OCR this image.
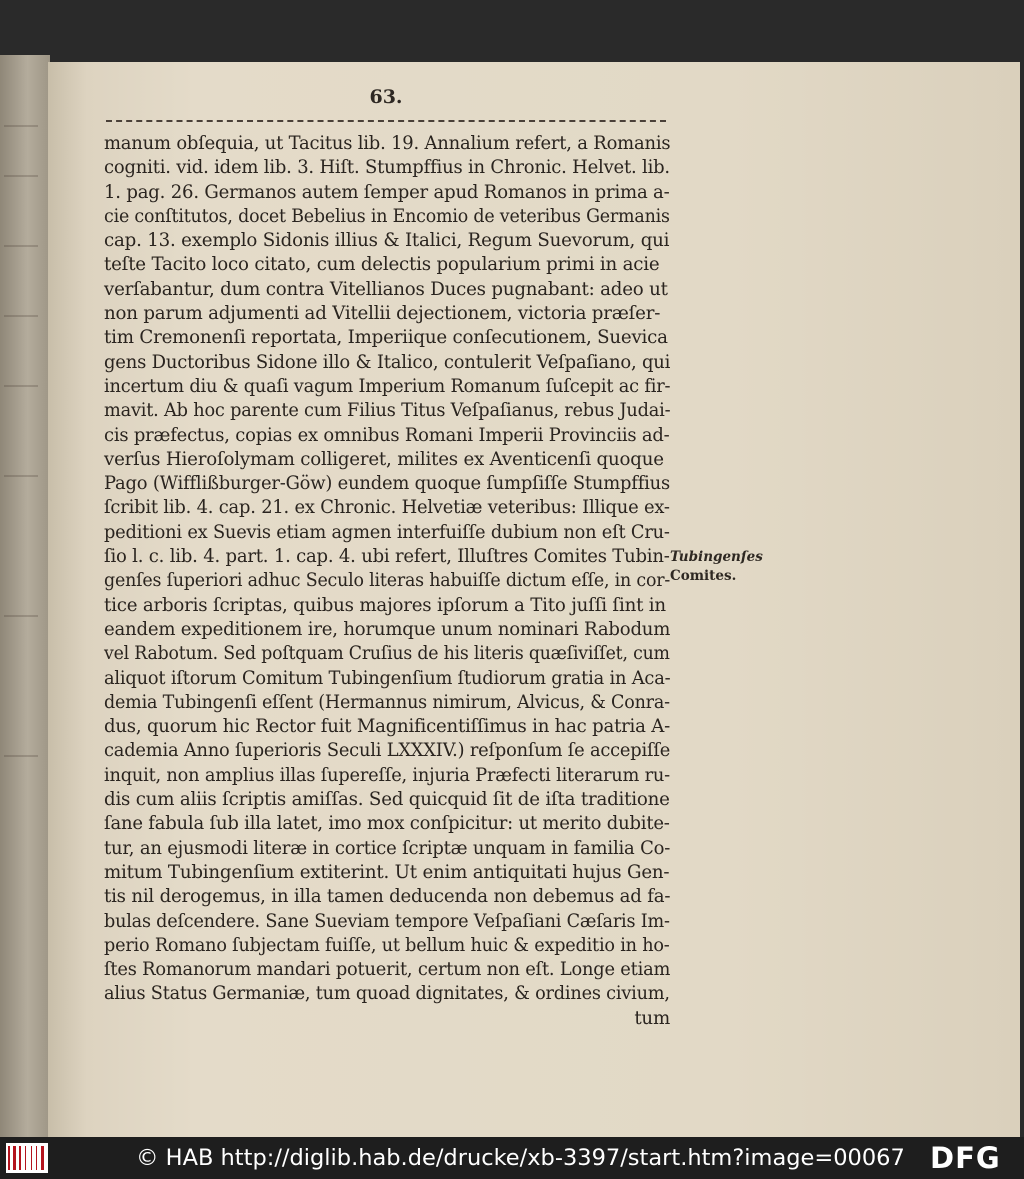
63.
manum obſequia, ut Tacitus lib. 19. Annalium refert, a Romanis
cogniti. vid. idem lib. 3. Hiſt. Stumpffius in Chronic. Helvet. lib.
1. pag. 26. Germanos autem ſemper apud Romanos in prima a-
cie conſtitutos, docet Bebelius in Encomio de veteribus Germanis
cap. 13. exemplo Sidonis illius & Italici, Regum Suevorum, qui
teſte Tacito loco citato, cum delectis popularium primi in acie
verſabantur, dum contra Vitellianos Duces pugnabant: adeo ut
non parum adjumenti ad Vitellii dejectionem, victoria præſer-
tim Cremonenſi reportata, Imperiique conſecutionem, Suevica
gens Ductoribus Sidone illo & Italico, contulerit Veſpaſiano, qui
incertum diu & quaſi vagum Imperium Romanum ſuſcepit ac fir-
mavit. Ab hoc parente cum Filius Titus Veſpaſianus, rebus Judai-
cis præfectus, copias ex omnibus Romani Imperii Provinciis ad-
verſus Hieroſolymam colligeret, milites ex Aventicenſi quoque
Pago (Wifflißburger-Göw) eundem quoque ſumpſiſſe Stumpffius
ſcribit lib. 4. cap. 21. ex Chronic. Helvetiæ veteribus: Illique ex-
peditioni ex Suevis etiam agmen interfuiſſe dubium non eſt Cru-
ſio l. c. lib. 4. part. 1. cap. 4. ubi refert, Illuſtres Comites Tubin-
genſes ſuperiori adhuc Seculo literas habuiſſe dictum eſſe, in cor-
tice arboris ſcriptas, quibus majores ipſorum a Tito juſſi ſint in
eandem expeditionem ire, horumque unum nominari Rabodum
vel Rabotum. Sed poſtquam Cruſius de his literis quæſiviſſet, cum
aliquot iſtorum Comitum Tubingenſium ſtudiorum gratia in Aca-
demia Tubingenſi eſſent (Hermannus nimirum, Alvicus, & Conra-
dus, quorum hic Rector fuit Magnificentiſſimus in hac patria A-
cademia Anno ſuperioris Seculi LXXXIV.) reſponſum ſe accepiſſe
inquit, non amplius illas ſupereſſe, injuria Præfecti literarum ru-
dis cum aliis ſcriptis amiſſas. Sed quicquid ſit de iſta traditione
ſane fabula ſub illa latet, imo mox conſpicitur: ut merito dubite-
tur, an ejusmodi literæ in cortice ſcriptæ unquam in familia Co-
mitum Tubingenſium extiterint. Ut enim antiquitati hujus Gen-
tis nil derogemus, in illa tamen deducenda non debemus ad fa-
bulas deſcendere. Sane Sueviam tempore Veſpaſiani Cæſaris Im-
perio Romano ſubjectam fuiſſe, ut bellum huic & expeditio in ho-
ſtes Romanorum mandari potuerit, certum non eſt. Longe etiam
alius Status Germaniæ, tum quoad dignitates, & ordines civium,
tum
Tubingenſes
Comites.
© HAB http://diglib.hab.de/drucke/xb-3397/start.htm?image=00067 DFG
